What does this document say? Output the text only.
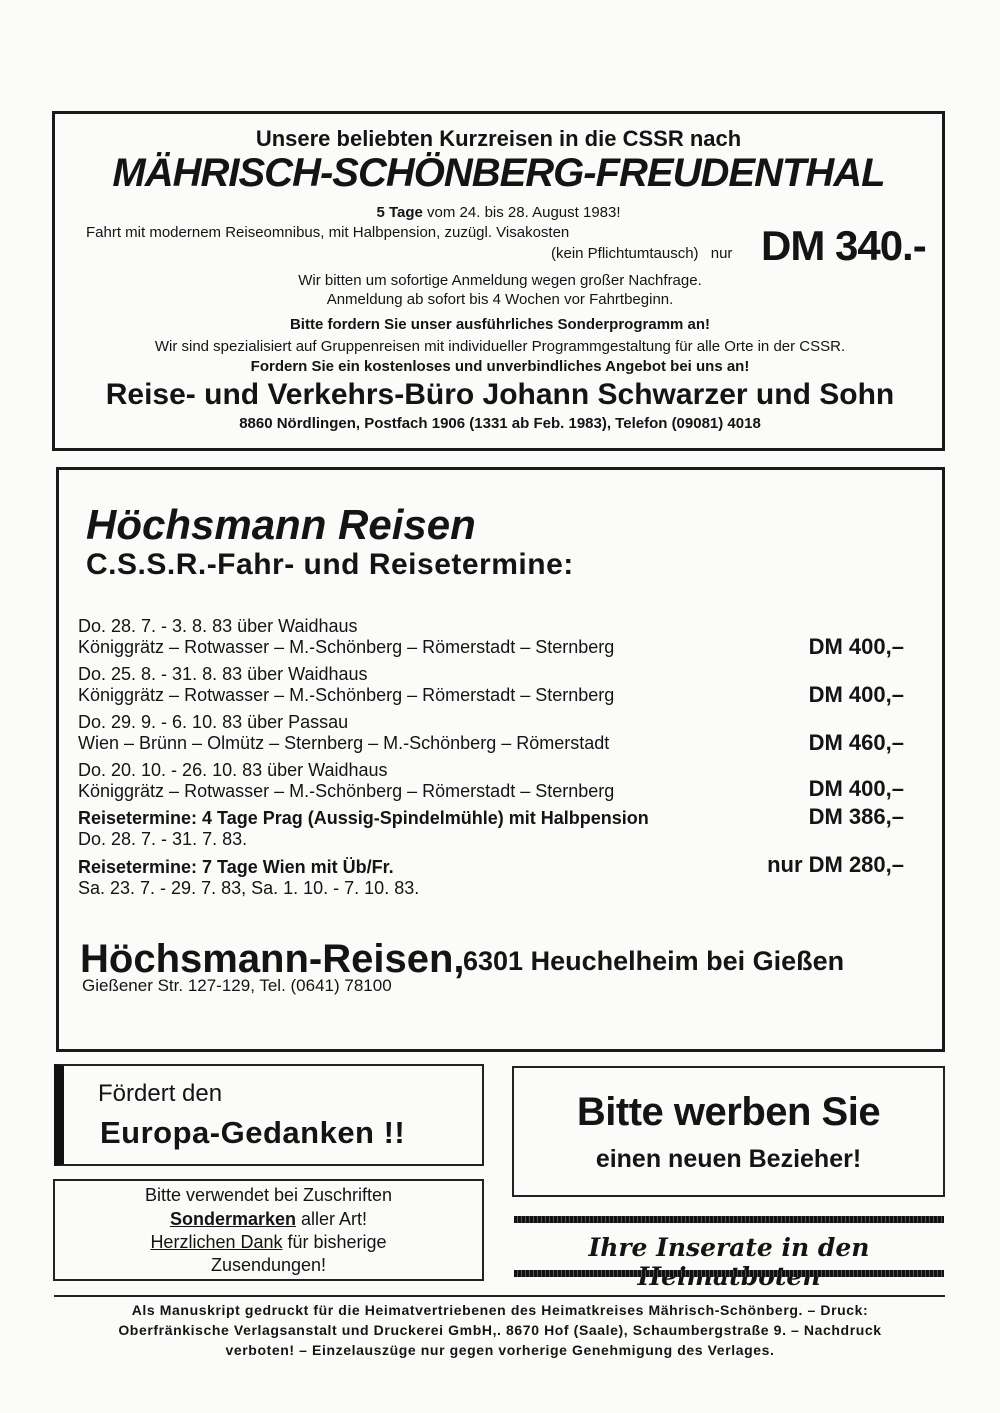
Unsere beliebten Kurzreisen in die CSSR nach
MÄHRISCH-SCHÖNBERG-FREUDENTHAL
5 Tage vom 24. bis 28. August 1983!
Fahrt mit modernem Reiseomnibus, mit Halbpension, zuzügl. Visakosten
(kein Pflichtumtausch) nur DM 340.-
Wir bitten um sofortige Anmeldung wegen großer Nachfrage.
Anmeldung ab sofort bis 4 Wochen vor Fahrtbeginn.
Bitte fordern Sie unser ausführliches Sonderprogramm an!
Wir sind spezialisiert auf Gruppenreisen mit individueller Programmgestaltung für alle Orte in der CSSR.
Fordern Sie ein kostenloses und unverbindliches Angebot bei uns an!
Reise- und Verkehrs-Büro Johann Schwarzer und Sohn
8860 Nördlingen, Postfach 1906 (1331 ab Feb. 1983), Telefon (09081) 4018
Höchsmann Reisen
C.S.S.R.-Fahr- und Reisetermine:
Do. 28. 7. - 3. 8. 83 über Waidhaus
Königgrätz – Rotwasser – M.-Schönberg – Römerstadt – Sternberg	DM 400,–
Do. 25. 8. - 31. 8. 83 über Waidhaus
Königgrätz – Rotwasser – M.-Schönberg – Römerstadt – Sternberg	DM 400,–
Do. 29. 9. - 6. 10. 83 über Passau
Wien – Brünn – Olmütz – Sternberg – M.-Schönberg – Römerstadt	DM 460,–
Do. 20. 10. - 26. 10. 83 über Waidhaus
Königgrätz – Rotwasser – M.-Schönberg – Römerstadt – Sternberg	DM 400,–
Reisetermine: 4 Tage Prag (Aussig-Spindelmühle) mit Halbpension
Do. 28. 7. - 31. 7. 83.
DM 386,–
Reisetermine: 7 Tage Wien mit Üb/Fr.
Sa. 23. 7. - 29. 7. 83, Sa. 1. 10. - 7. 10. 83.
nur DM 280,–
Höchsmann-Reisen,
6301 Heuchelheim bei Gießen
Gießener Str. 127-129, Tel. (0641) 78100
Fördert den
Europa-Gedanken !!
Bitte verwendet bei Zuschriften
Sondermarken aller Art!
Herzlichen Dank für bisherige
Zusendungen!
Bitte werben Sie
einen neuen Bezieher!
Ihre Inserate in den
Als Manuskript gedruckt für die Heimatvertriebenen des Heimatkreises Mährisch-Schönberg. – Druck:
Oberfränkische Verlagsanstalt und Druckerei GmbH,. 8670 Hof (Saale), Schaumbergstraße 9. – Nachdruck
verboten! – Einzelauszüge nur gegen vorherige Genehmigung des Verlages.
